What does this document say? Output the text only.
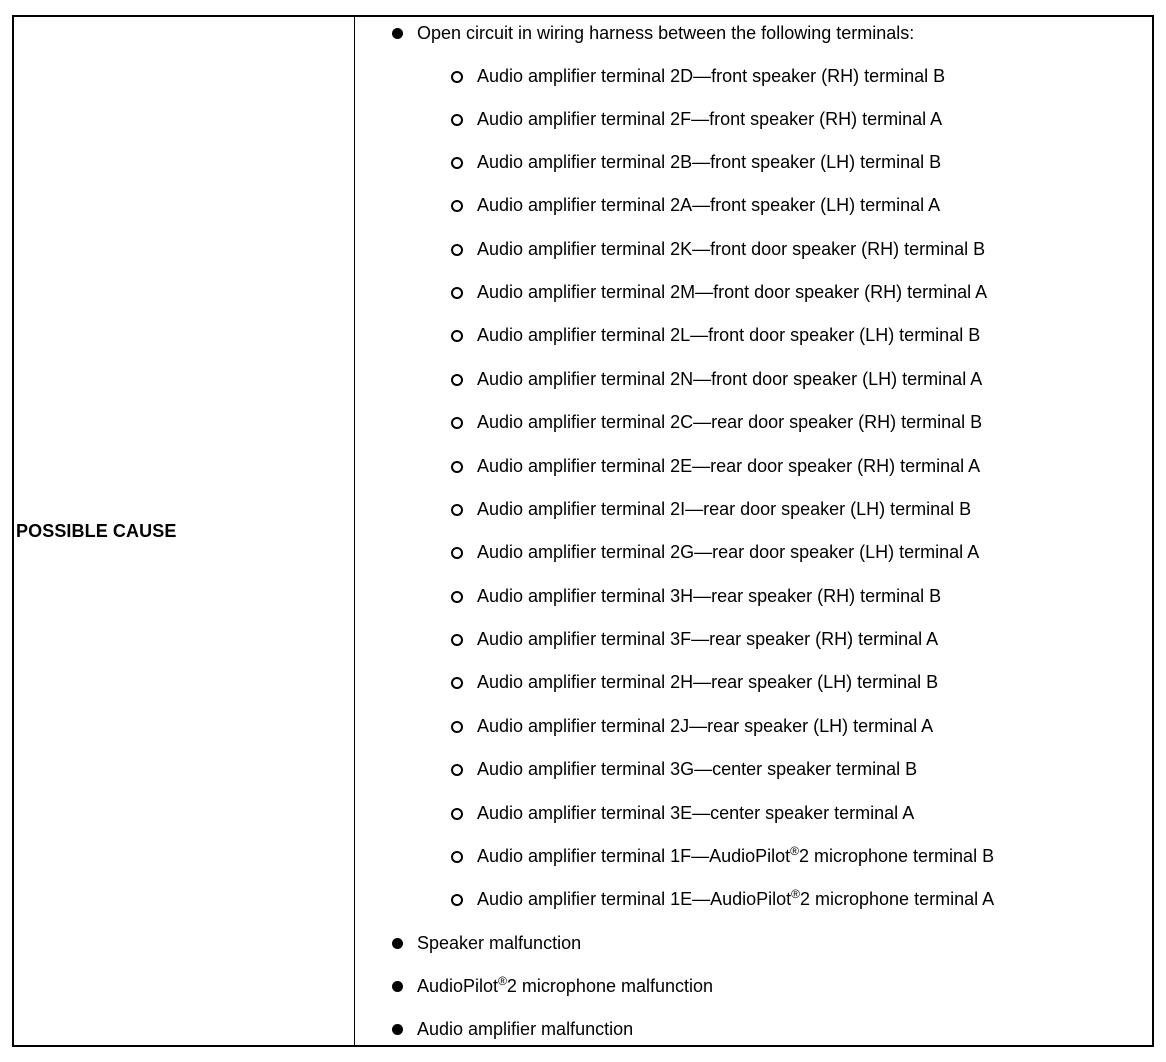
POSSIBLE CAUSE
Open circuit in wiring harness between the following terminals:
Audio amplifier terminal 2D—front speaker (RH) terminal B
Audio amplifier terminal 2F—front speaker (RH) terminal A
Audio amplifier terminal 2B—front speaker (LH) terminal B
Audio amplifier terminal 2A—front speaker (LH) terminal A
Audio amplifier terminal 2K—front door speaker (RH) terminal B
Audio amplifier terminal 2M—front door speaker (RH) terminal A
Audio amplifier terminal 2L—front door speaker (LH) terminal B
Audio amplifier terminal 2N—front door speaker (LH) terminal A
Audio amplifier terminal 2C—rear door speaker (RH) terminal B
Audio amplifier terminal 2E—rear door speaker (RH) terminal A
Audio amplifier terminal 2I—rear door speaker (LH) terminal B
Audio amplifier terminal 2G—rear door speaker (LH) terminal A
Audio amplifier terminal 3H—rear speaker (RH) terminal B
Audio amplifier terminal 3F—rear speaker (RH) terminal A
Audio amplifier terminal 2H—rear speaker (LH) terminal B
Audio amplifier terminal 2J—rear speaker (LH) terminal A
Audio amplifier terminal 3G—center speaker terminal B
Audio amplifier terminal 3E—center speaker terminal A
Audio amplifier terminal 1F—AudioPilot®2 microphone terminal B
Audio amplifier terminal 1E—AudioPilot®2 microphone terminal A
Speaker malfunction
AudioPilot®2 microphone malfunction
Audio amplifier malfunction
